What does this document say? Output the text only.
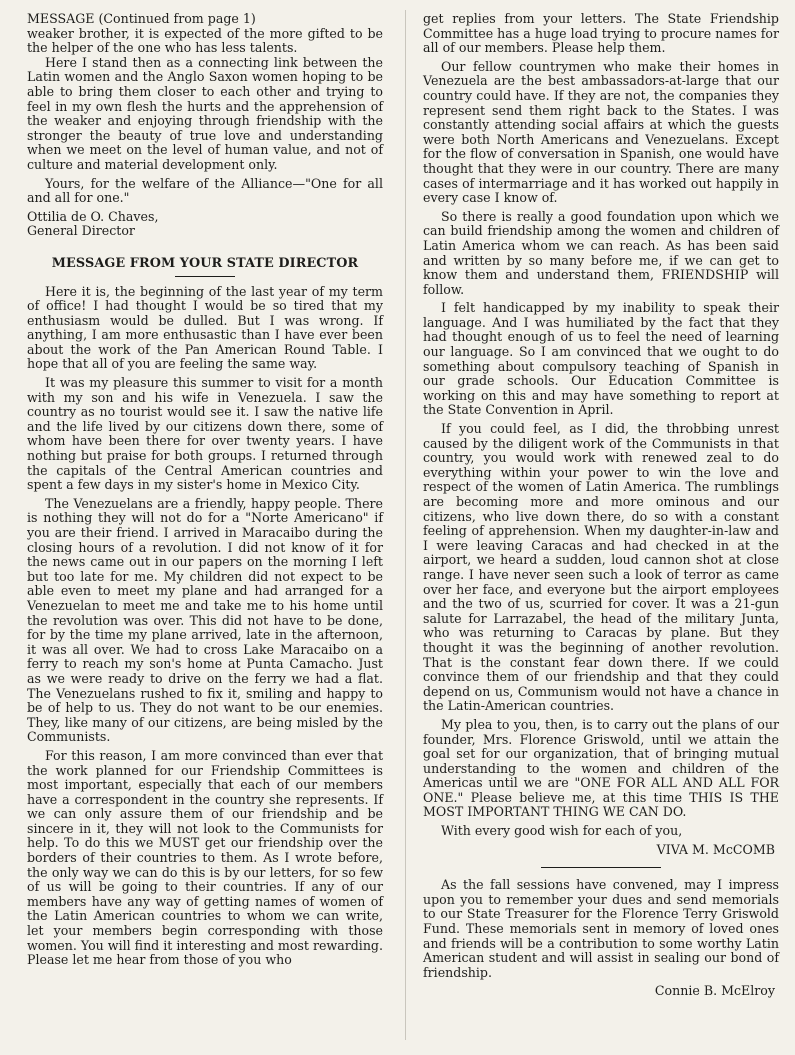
MESSAGE (Continued from page 1)

weaker brother, it is expected of the more gifted to be the helper of the one who has less talents.

Here I stand then as a connecting link between the Latin women and the Anglo Saxon women hoping to be able to bring them closer to each other and trying to feel in my own flesh the hurts and the apprehension of the weaker and enjoying through friendship with the stronger the beauty of true love and understanding when we meet on the level of human value, and not of culture and material development only.

Yours, for the welfare of the Alliance—"One for all and all for one."

Ottilia de O. Chaves,

General Director

MESSAGE FROM YOUR STATE DIRECTOR

Here it is, the beginning of the last year of my term of office! I had thought I would be so tired that my enthusiasm would be dulled. But I was wrong. If anything, I am more enthusastic than I have ever been about the work of the Pan American Round Table. I hope that all of you are feeling the same way.

It was my pleasure this summer to visit for a month with my son and his wife in Venezuela. I saw the country as no tourist would see it. I saw the native life and the life lived by our citizens down there, some of whom have been there for over twenty years. I have nothing but praise for both groups. I returned through the capitals of the Central American countries and spent a few days in my sister's home in Mexico City.

The Venezuelans are a friendly, happy people. There is nothing they will not do for a "Norte Americano" if you are their friend. I arrived in Maracaibo during the closing hours of a revolution. I did not know of it for the news came out in our papers on the morning I left but too late for me. My children did not expect to be able even to meet my plane and had arranged for a Venezuelan to meet me and take me to his home until the revolution was over. This did not have to be done, for by the time my plane arrived, late in the afternoon, it was all over. We had to cross Lake Maracaibo on a ferry to reach my son's home at Punta Camacho. Just as we were ready to drive on the ferry we had a flat. The Venezuelans rushed to fix it, smiling and happy to be of help to us. They do not want to be our enemies. They, like many of our citizens, are being misled by the Communists.

For this reason, I am more convinced than ever that the work planned for our Friendship Committees is most important, especially that each of our members have a correspondent in the country she represents. If we can only assure them of our friendship and be sincere in it, they will not look to the Communists for help. To do this we MUST get our friendship over the borders of their countries to them. As I wrote before, the only way we can do this is by our letters, for so few of us will be going to their countries. If any of our members have any way of getting names of women of the Latin American countries to whom we can write, let your members begin corresponding with those women. You will find it interesting and most rewarding. Please let me hear from those of you who

get replies from your letters. The State Friendship Committee has a huge load trying to procure names for all of our members. Please help them.

Our fellow countrymen who make their homes in Venezuela are the best ambassadors-at-large that our country could have. If they are not, the companies they represent send them right back to the States. I was constantly attending social affairs at which the guests were both North Americans and Venezuelans. Except for the flow of conversation in Spanish, one would have thought that they were in our country. There are many cases of intermarriage and it has worked out happily in every case I know of.

So there is really a good foundation upon which we can build friendship among the women and children of Latin America whom we can reach. As has been said and written by so many before me, if we can get to know them and understand them, FRIENDSHIP will follow.

I felt handicapped by my inability to speak their language. And I was humiliated by the fact that they had thought enough of us to feel the need of learning our language. So I am convinced that we ought to do something about compulsory teaching of Spanish in our grade schools. Our Education Committee is working on this and may have something to report at the State Convention in April.

If you could feel, as I did, the throbbing unrest caused by the diligent work of the Communists in that country, you would work with renewed zeal to do everything within your power to win the love and respect of the women of Latin America. The rumblings are becoming more and more ominous and our citizens, who live down there, do so with a constant feeling of apprehension. When my daughter-in-law and I were leaving Caracas and had checked in at the airport, we heard a sudden, loud cannon shot at close range. I have never seen such a look of terror as came over her face, and everyone but the airport employees and the two of us, scurried for cover. It was a 21-gun salute for Larrazabel, the head of the military Junta, who was returning to Caracas by plane. But they thought it was the beginning of another revolution. That is the constant fear down there. If we could convince them of our friendship and that they could depend on us, Communism would not have a chance in the Latin-American countries.

My plea to you, then, is to carry out the plans of our founder, Mrs. Florence Griswold, until we attain the goal set for our organization, that of bringing mutual understanding to the women and children of the Americas until we are "ONE FOR ALL AND ALL FOR ONE." Please believe me, at this time THIS IS THE MOST IMPORTANT THING WE CAN DO.

With every good wish for each of you,

VIVA M. McCOMB

As the fall sessions have convened, may I impress upon you to remember your dues and send memorials to our State Treasurer for the Florence Terry Griswold Fund. These memorials sent in memory of loved ones and friends will be a contribution to some worthy Latin American student and will assist in sealing our bond of friendship.

Connie B. McElroy
